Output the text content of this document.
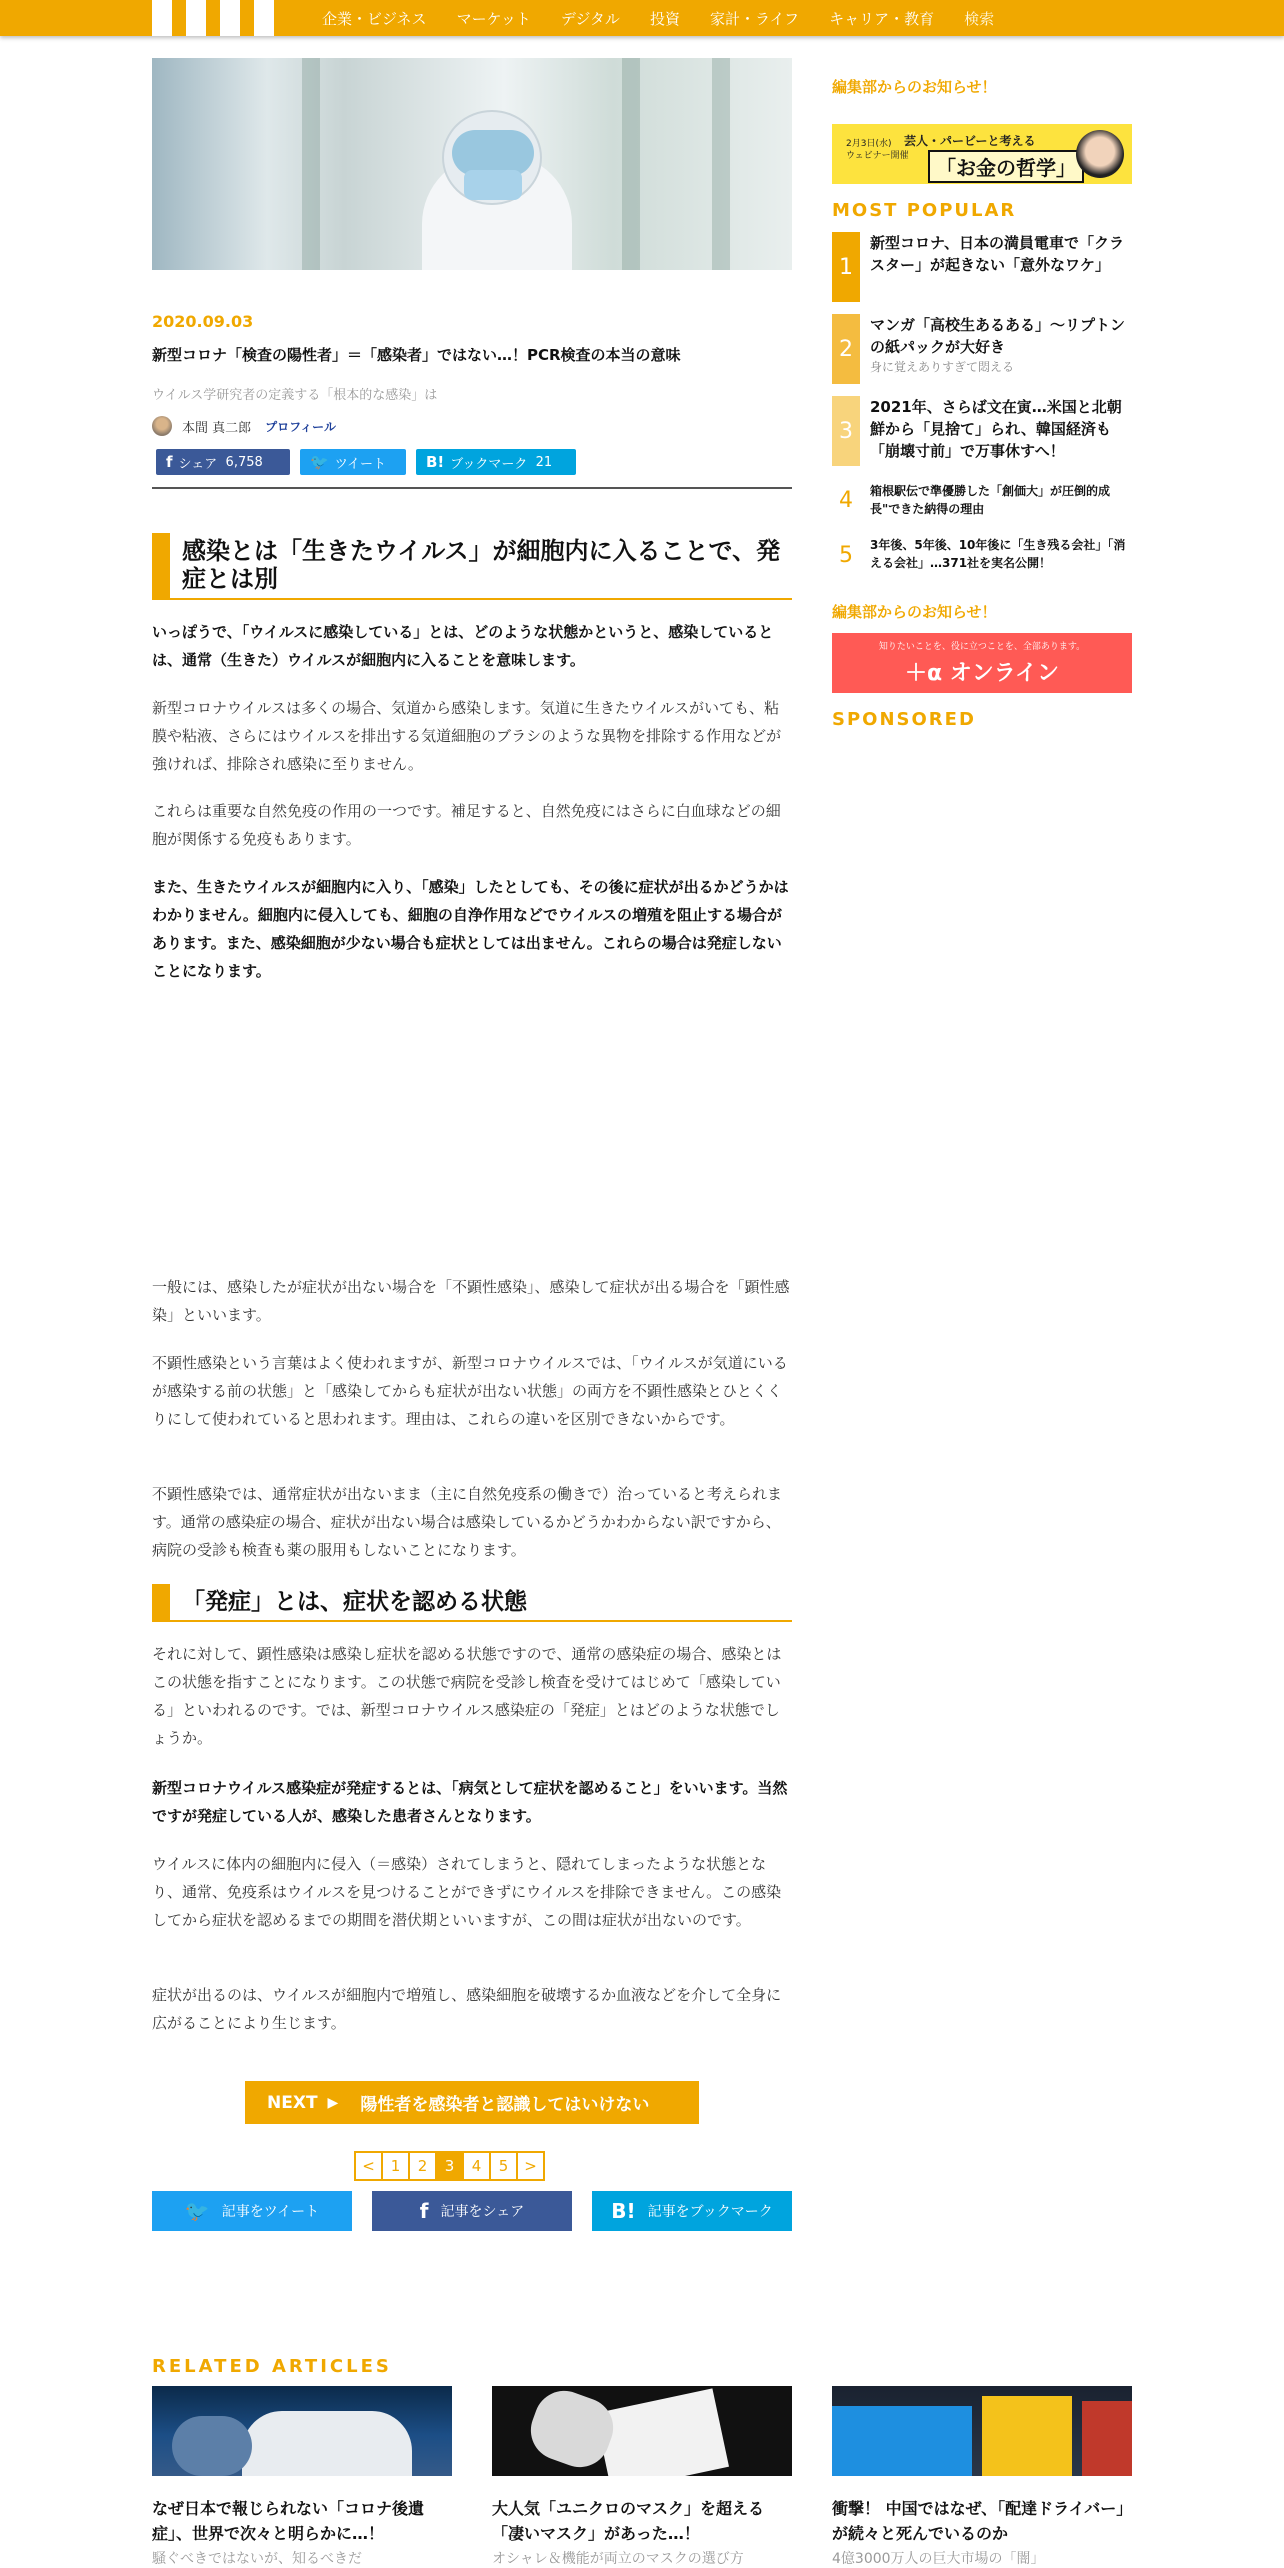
企業・ビジネス マーケット デジタル 投資 家計・ライフ キャリア・教育 検索
2020.09.03
新型コロナ「検査の陽性者」＝「感染者」ではない…！PCR検査の本当の意味
ウイルス学研究者の定義する「根本的な感染」は
本間 真二郎 プロフィール
f シェア
6,758	🐦 ツイート	B! ブックマーク
21
感染とは「生きたウイルス」が細胞内に入ることで、発症とは別

いっぽうで、「ウイルスに感染している」とは、どのような状態かというと、感染しているとは、通常（生きた）ウイルスが細胞内に入ることを意味します。

新型コロナウイルスは多くの場合、気道から感染します。気道に生きたウイルスがいても、粘膜や粘液、さらにはウイルスを排出する気道細胞のブラシのような異物を排除する作用などが強ければ、排除され感染に至りません。

これらは重要な自然免疫の作用の一つです。補足すると、自然免疫にはさらに白血球などの細胞が関係する免疫もあります。

また、生きたウイルスが細胞内に入り、「感染」したとしても、その後に症状が出るかどうかはわかりません。細胞内に侵入しても、細胞の自浄作用などでウイルスの増殖を阻止する場合があります。また、感染細胞が少ない場合も症状としては出ません。これらの場合は発症しないことになります。

一般には、感染したが症状が出ない場合を「不顕性感染」、感染して症状が出る場合を「顕性感染」といいます。

不顕性感染という言葉はよく使われますが、新型コロナウイルスでは、「ウイルスが気道にいるが感染する前の状態」と「感染してからも症状が出ない状態」の両方を不顕性感染とひとくくりにして使われていると思われます。理由は、これらの違いを区別できないからです。

不顕性感染では、通常症状が出ないまま（主に自然免疫系の働きで）治っていると考えられます。通常の感染症の場合、症状が出ない場合は感染しているかどうかわからない訳ですから、病院の受診も検査も薬の服用もしないことになります。

「発症」とは、症状を認める状態

それに対して、顕性感染は感染し症状を認める状態ですので、通常の感染症の場合、感染とはこの状態を指すことになります。この状態で病院を受診し検査を受けてはじめて「感染している」といわれるのです。では、新型コロナウイルス感染症の「発症」とはどのような状態でしょうか。

新型コロナウイルス感染症が発症するとは、「病気として症状を認めること」をいいます。当然ですが発症している人が、感染した患者さんとなります。

ウイルスに体内の細胞内に侵入（＝感染）されてしまうと、隠れてしまったような状態となり、通常、免疫系はウイルスを見つけることができずにウイルスを排除できません。この感染してから症状を認めるまでの期間を潜伏期といいますが、この間は症状が出ないのです。

症状が出るのは、ウイルスが細胞内で増殖し、感染細胞を破壊するか血液などを介して全身に広がることにより生じます。

NEXT ▶ 陽性者を感染者と認識してはいけない
<	1	2	3	4	5	>
🐦 記事をツイート	f 記事をシェア	B! 記事をブックマーク
RELATED ARTICLES
なぜ日本で報じられない「コロナ後遺症」、世界で次々と明らかに…！
騒ぐべきではないが、知るべきだ
大人気「ユニクロのマスク」を超える「凄いマスク」があった…！
オシャレ＆機能が両立のマスクの選び方
衝撃！ 中国ではなぜ、「配達ドライバー」が続々と死んでいるのか
4億3000万人の巨大市場の「闇」
編集部からのお知らせ！
2月3日(水)
ウェビナー開催
芸人・パービーと考える
「お金の哲学」
MOST POPULAR
1
新型コロナ、日本の満員電車で「クラスター」が起きない「意外なワケ」
2
マンガ「高校生あるある」〜リプトンの紙パックが大好き
身に覚えありすぎて悶える
3
2021年、さらば文在寅…米国と北朝鮮から「見捨て」られ、韓国経済も「崩壊寸前」で万事休すへ！
4	箱根駅伝で準優勝した「創価大」が圧倒的成長"できた納得の理由
5	3年後、5年後、10年後に「生き残る会社」「消える会社」…371社を実名公開！
編集部からのお知らせ！
知りたいことを、役に立つことを、全部あります。
＋α オンライン
SPONSORED
